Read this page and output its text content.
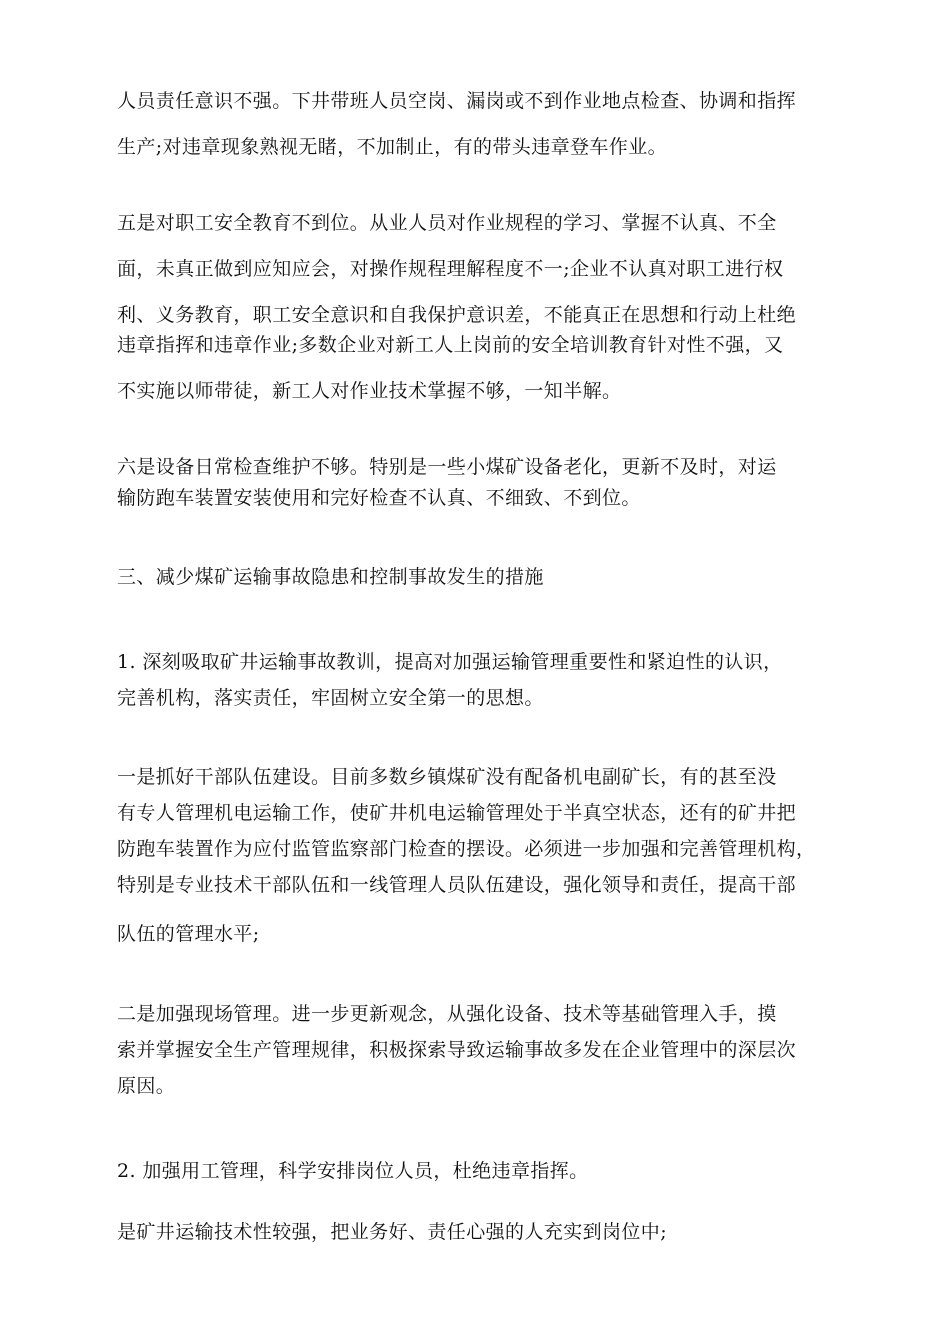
人员责任意识不强。下井带班人员空岗、漏岗或不到作业地点检查、协调和指挥
生产;对违章现象熟视无睹，不加制止，有的带头违章登车作业。
五是对职工安全教育不到位。从业人员对作业规程的学习、掌握不认真、不全
面，未真正做到应知应会，对操作规程理解程度不一;企业不认真对职工进行权
利、义务教育，职工安全意识和自我保护意识差，不能真正在思想和行动上杜绝
违章指挥和违章作业;多数企业对新工人上岗前的安全培训教育针对性不强，又
不实施以师带徒，新工人对作业技术掌握不够，一知半解。
六是设备日常检查维护不够。特别是一些小煤矿设备老化，更新不及时，对运
输防跑车装置安装使用和完好检查不认真、不细致、不到位。
三、减少煤矿运输事故隐患和控制事故发生的措施
1. 深刻吸取矿井运输事故教训，提高对加强运输管理重要性和紧迫性的认识，
完善机构，落实责任，牢固树立安全第一的思想。
一是抓好干部队伍建设。目前多数乡镇煤矿没有配备机电副矿长，有的甚至没
有专人管理机电运输工作，使矿井机电运输管理处于半真空状态，还有的矿井把
防跑车装置作为应付监管监察部门检查的摆设。必须进一步加强和完善管理机构，
特别是专业技术干部队伍和一线管理人员队伍建设，强化领导和责任，提高干部
队伍的管理水平;
二是加强现场管理。进一步更新观念，从强化设备、技术等基础管理入手，摸
索并掌握安全生产管理规律，积极探索导致运输事故多发在企业管理中的深层次
原因。
2. 加强用工管理，科学安排岗位人员，杜绝违章指挥。
是矿井运输技术性较强，把业务好、责任心强的人充实到岗位中;
